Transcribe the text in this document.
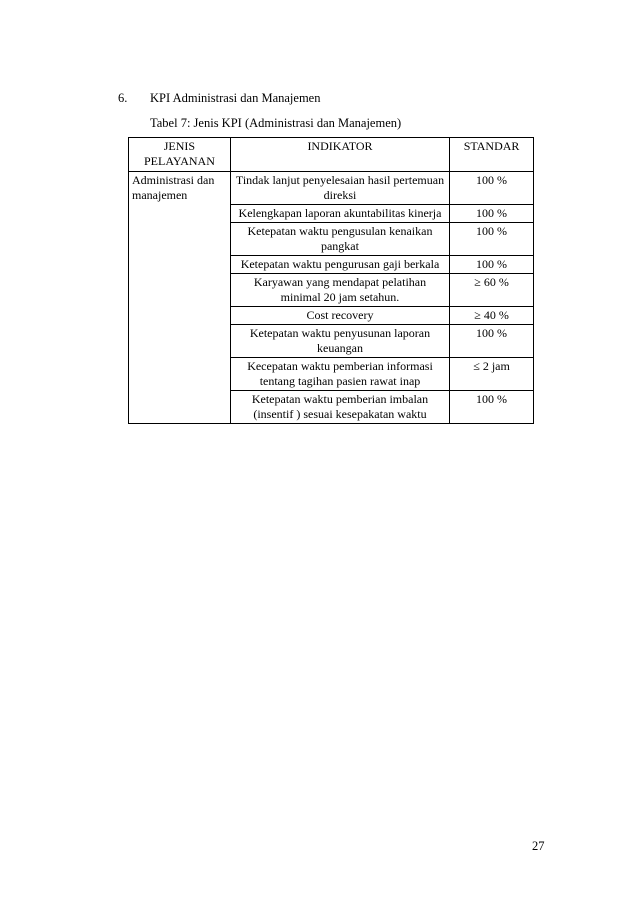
6. KPI Administrasi dan Manajemen
Tabel 7: Jenis KPI (Administrasi dan Manajemen)
JENIS PELAYANAN	INDIKATOR	STANDAR
Administrasi dan manajemen	Tindak lanjut penyelesaian hasil pertemuan direksi	100 %
	Kelengkapan laporan akuntabilitas kinerja	100 %
	Ketepatan waktu pengusulan kenaikan pangkat	100 %
	Ketepatan waktu pengurusan gaji berkala	100 %
	Karyawan yang mendapat pelatihan minimal 20 jam setahun.	≥ 60 %
	Cost recovery	≥ 40 %
	Ketepatan waktu penyusunan laporan keuangan	100 %
	Kecepatan waktu pemberian informasi tentang tagihan pasien rawat inap	≤ 2 jam
	Ketepatan waktu pemberian imbalan (insentif ) sesuai kesepakatan waktu	100 %
27
